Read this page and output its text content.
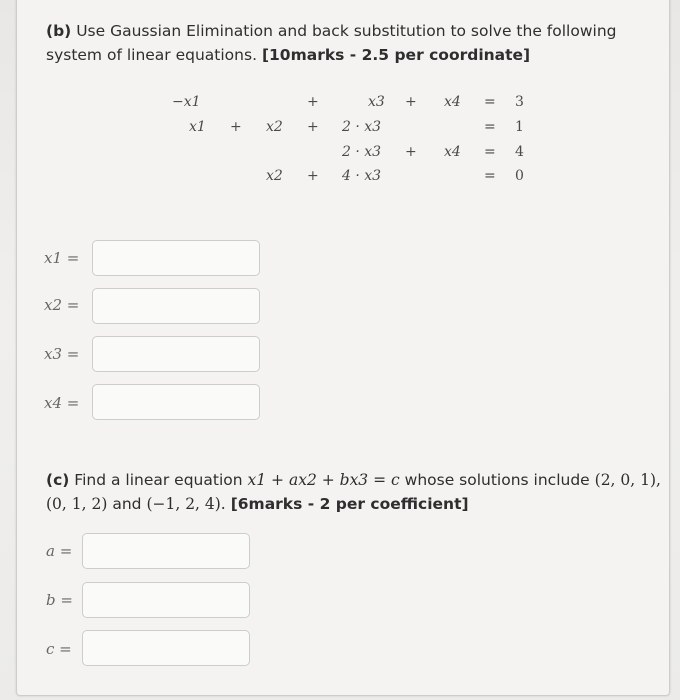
(b) Use Gaussian Elimination and back substitution to solve the following system of linear equations. [10marks - 2.5 per coordinate]
−x1	+	x3 + x4 = 3
x1 + x2 + 2 · x3	= 1
2 · x3 + x4 = 4
x2 + 4 · x3	= 0
x1 =
x2 =
x3 =
x4 =
(c) Find a linear equation x1 + ax2 + bx3 = c whose solutions include (2, 0, 1), (0, 1, 2) and (−1, 2, 4). [6marks - 2 per coefficient]
a =
b =
c =
